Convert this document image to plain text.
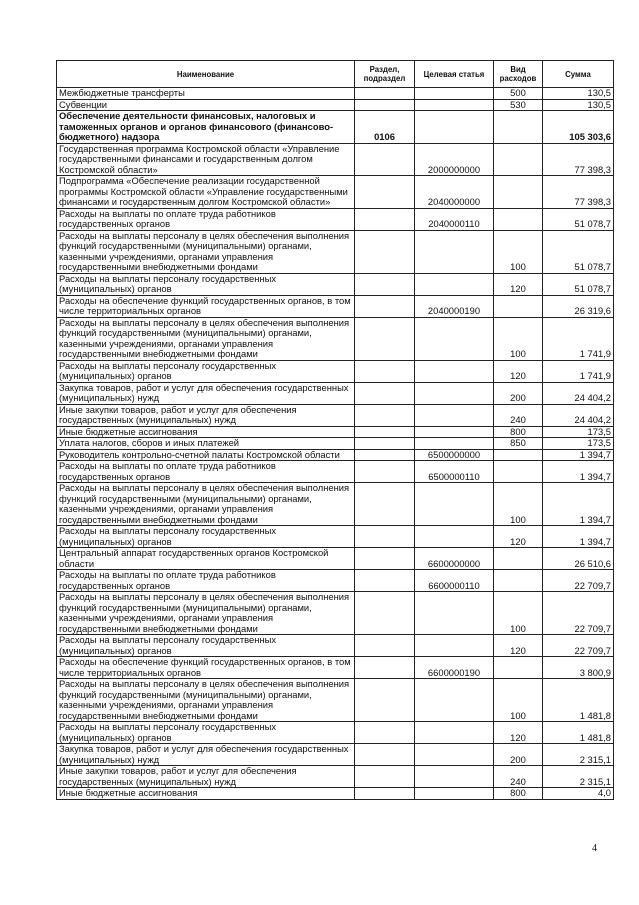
Наименование	Раздел, подраздел	Целевая статья	Вид расходов	Сумма
Межбюджетные трансферты			500	130,5
Субвенции			530	130,5
Обеспечение деятельности финансовых, налоговых и таможенных органов и органов финансового (финансово-бюджетного) надзора	0106			105 303,6
Государственная программа Костромской области «Управление государственными финансами и государственным долгом Костромской области»		2000000000		77 398,3
Подпрограмма «Обеспечение реализации государственной программы Костромской области «Управление государственными финансами и государственным долгом Костромской области»		2040000000		77 398,3
Расходы на выплаты по оплате труда работников государственных органов		2040000110		51 078,7
Расходы на выплаты персоналу в целях обеспечения выполнения функций государственными (муниципальными) органами, казенными учреждениями, органами управления государственными внебюджетными фондами			100	51 078,7
Расходы на выплаты персоналу государственных (муниципальных) органов			120	51 078,7
Расходы на обеспечение функций государственных органов, в том числе территориальных органов		2040000190		26 319,6
Расходы на выплаты персоналу в целях обеспечения выполнения функций государственными (муниципальными) органами, казенными учреждениями, органами управления государственными внебюджетными фондами			100	1 741,9
Расходы на выплаты персоналу государственных (муниципальных) органов			120	1 741,9
Закупка товаров, работ и услуг для обеспечения государственных (муниципальных) нужд			200	24 404,2
Иные закупки товаров, работ и услуг для обеспечения государственных (муниципальных) нужд			240	24 404,2
Иные бюджетные ассигнования			800	173,5
Уплата налогов, сборов и иных платежей			850	173,5
Руководитель контрольно-счетной палаты Костромской области		6500000000		1 394,7
Расходы на выплаты по оплате труда работников государственных органов		6500000110		1 394,7
Расходы на выплаты персоналу в целях обеспечения выполнения функций государственными (муниципальными) органами, казенными учреждениями, органами управления государственными внебюджетными фондами			100	1 394,7
Расходы на выплаты персоналу государственных (муниципальных) органов			120	1 394,7
Центральный аппарат государственных органов Костромской области		6600000000		26 510,6
Расходы на выплаты по оплате труда работников государственных органов		6600000110		22 709,7
Расходы на выплаты персоналу в целях обеспечения выполнения функций государственными (муниципальными) органами, казенными учреждениями, органами управления государственными внебюджетными фондами			100	22 709,7
Расходы на выплаты персоналу государственных (муниципальных) органов			120	22 709,7
Расходы на обеспечение функций государственных органов, в том числе территориальных органов		6600000190		3 800,9
Расходы на выплаты персоналу в целях обеспечения выполнения функций государственными (муниципальными) органами, казенными учреждениями, органами управления государственными внебюджетными фондами			100	1 481,8
Расходы на выплаты персоналу государственных (муниципальных) органов			120	1 481,8
Закупка товаров, работ и услуг для обеспечения государственных (муниципальных) нужд			200	2 315,1
Иные закупки товаров, работ и услуг для обеспечения государственных (муниципальных) нужд			240	2 315,1
Иные бюджетные ассигнования			800	4,0
4
